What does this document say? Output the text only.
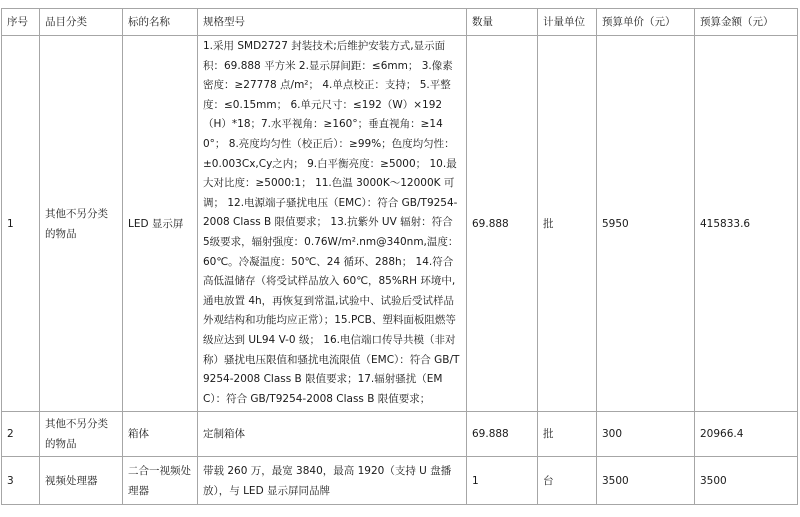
序号	品目分类	标的名称	规格型号	数量	计量单位	预算单价（元）	预算金额（元）
1	其他不另分类的物品	LED 显示屏	1.采用 SMD2727 封装技术;后维护安装方式,显示面积：69.888 平方米 2.显示屏间距：≤6mm； 3.像素密度：≥27778 点/m²； 4.单点校正：支持； 5.平整度：≤0.15mm； 6.单元尺寸：≤192（W）×192（H）*18；7.水平视角：≥160°；垂直视角：≥140°； 8.亮度均匀性（校正后）：≥99%；色度均匀性：±0.003Cx,Cy之内； 9.白平衡亮度：≥5000； 10.最大对比度：≥5000:1； 11.色温 3000K～12000K 可调； 12.电源端子骚扰电压（EMC）：符合 GB/T9254-2008 Class B 限值要求； 13.抗紫外 UV 辐射：符合 5级要求，辐射强度：0.76W/m².nm@340nm,温度：60℃。冷凝温度：50℃、24 循环、288h； 14.符合高低温储存（将受试样品放入 60℃，85%RH 环境中,通电放置 4h，再恢复到常温,试验中、试验后受试样品外观结构和功能均应正常）；15.PCB、塑料面板阻燃等级应达到 UL94 V-0 级； 16.电信端口传导共模（非对称）骚扰电压限值和骚扰电流限值（EMC）：符合 GB/T9254-2008 Class B 限值要求；17.辐射骚扰（EMC）：符合 GB/T9254-2008 Class B 限值要求；	69.888	批	5950	415833.6
2	其他不另分类的物品	箱体	定制箱体	69.888	批	300	20966.4
3	视频处理器	二合一视频处理器	带载 260 万，最宽 3840，最高 1920（支持 U 盘播放），与 LED 显示屏同品牌	1	台	3500	3500
